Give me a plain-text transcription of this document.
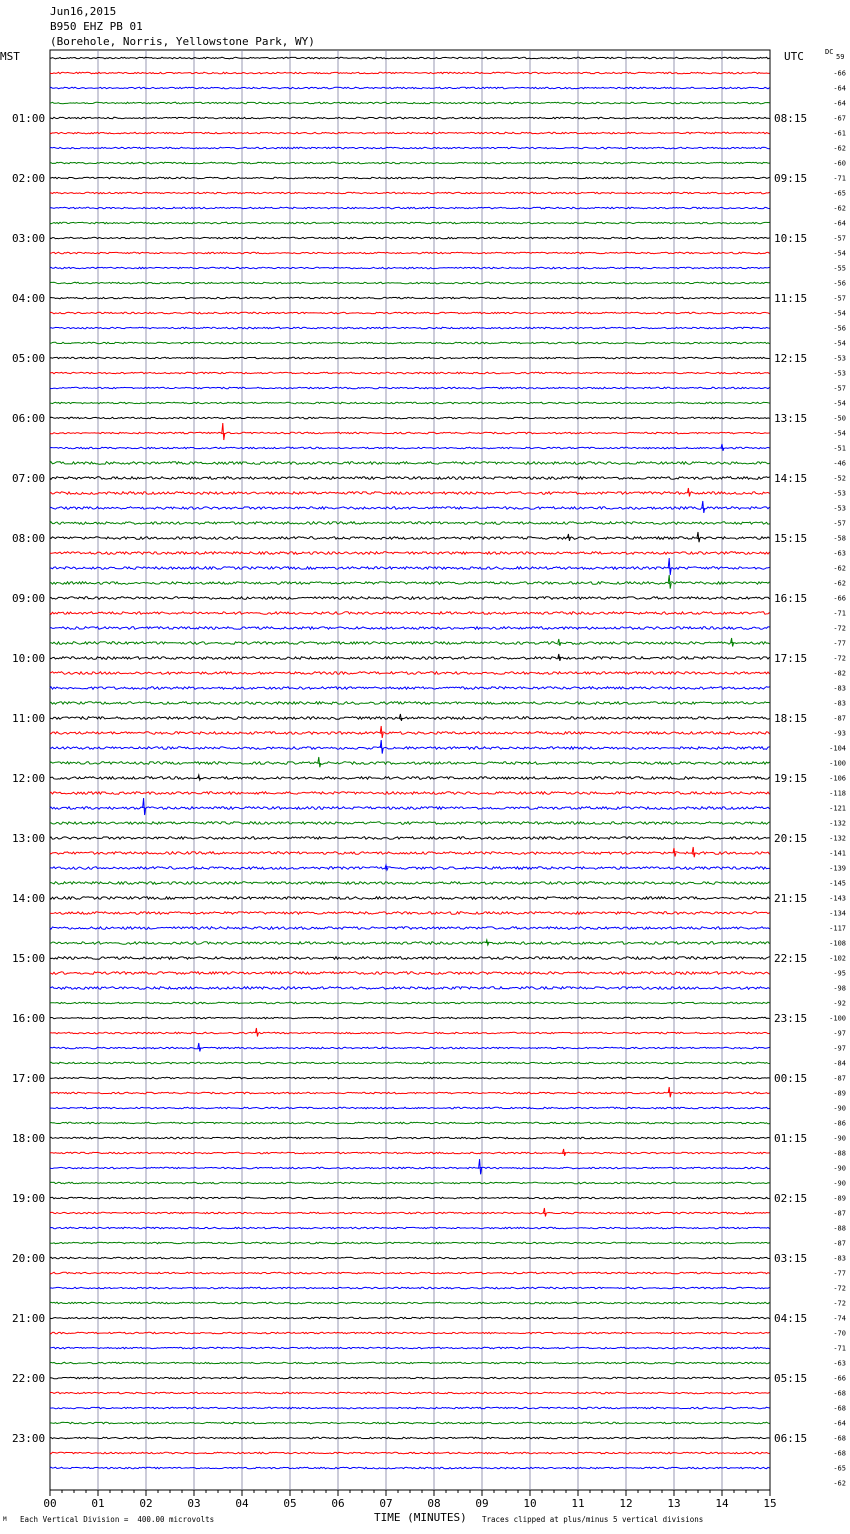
Jun16,2015
B950 EHZ PB 01
(Borehole, Norris, Yellowstone Park, WY)
MST	UTC	DC
59
01:00
02:00
03:00
04:00
05:00
06:00
07:00
08:00
09:00
10:00
11:00
12:00
13:00
14:00
15:00
16:00
17:00
18:00
19:00
20:00
21:00
22:00
23:00
08:15
09:15
10:15
11:15
12:15
13:15
14:15
15:15
16:15
17:15
18:15
19:15
20:15
21:15
22:15
23:15
00:15
01:15
02:15
03:15
04:15
05:15
06:15
-66
-64
-64
-67
-61
-62
-60
-71
-65
-62
-64
-57
-54
-55
-56
-57
-54
-56
-54
-53
-53
-57
-54
-50
-54
-51
-46
-52
-53
-53
-57
-58
-63
-62
-62
-66
-71
-72
-77
-72
-82
-83
-83
-87
-93
-104
-100
-106
-118
-121
-132
-132
-141
-139
-145
-143
-134
-117
-108
-102
-95
-98
-92
-100
-97
-97
-84
-87
-89
-90
-86
-90
-88
-90
-90
-89
-87
-88
-87
-83
-77
-72
-72
-74
-70
-71
-63
-66
-68
-68
-64
-68
-68
-65
-62
00	01	02	03	04	05	06	07	08	09	10	11	12	13	14	15
M Each Vertical Division =  400.00 microvolts	TIME (MINUTES) Traces clipped at plus/minus 5 vertical divisions
